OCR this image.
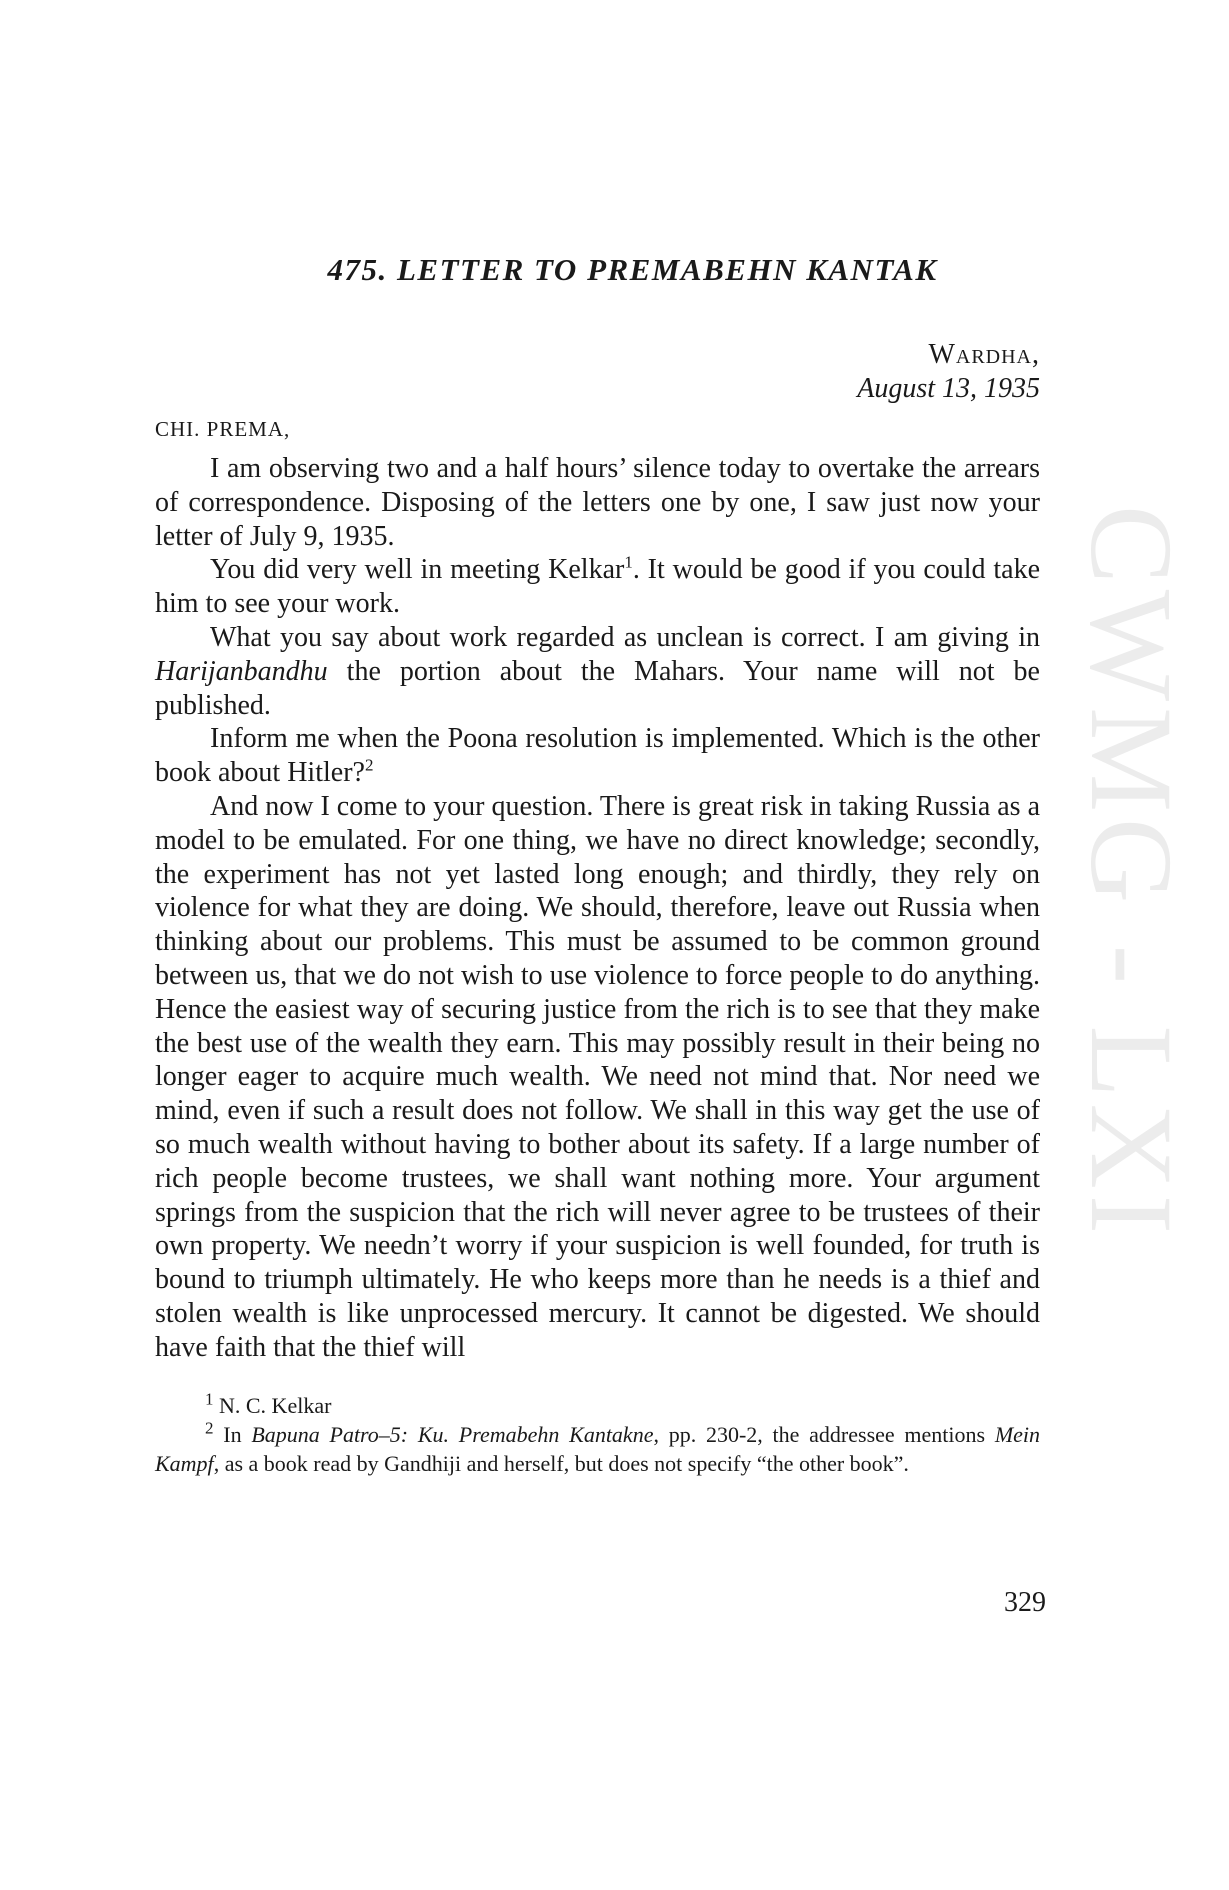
CWMG - LXI
475. LETTER TO PREMABEHN KANTAK
Wardha,
August 13, 1935
CHI. PREMA,

I am observing two and a half hours’ silence today to overtake the arrears of correspondence. Disposing of the letters one by one, I saw just now your letter of July 9, 1935.

You did very well in meeting Kelkar$^1$. It would be good if you could take him to see your work.

What you say about work regarded as unclean is correct. I am giving in Harijanbandhu the portion about the Mahars. Your name will not be published.

Inform me when the Poona resolution is implemented. Which is the other book about Hitler?$^2$

And now I come to your question. There is great risk in taking Russia as a model to be emulated. For one thing, we have no direct knowledge; secondly, the experiment has not yet lasted long enough; and thirdly, they rely on violence for what they are doing. We should, therefore, leave out Russia when thinking about our problems. This must be assumed to be common ground between us, that we do not wish to use violence to force people to do anything. Hence the easiest way of securing justice from the rich is to see that they make the best use of the wealth they earn. This may possibly result in their being no longer eager to acquire much wealth. We need not mind that. Nor need we mind, even if such a result does not follow. We shall in this way get the use of so much wealth without having to bother about its safety. If a large number of rich people become trustees, we shall want nothing more. Your argument springs from the suspicion that the rich will never agree to be trustees of their own property. We needn’t worry if your suspicion is well founded, for truth is bound to triumph ultimately. He who keeps more than he needs is a thief and stolen wealth is like unprocessed mercury. It cannot be digested. We should have faith that the thief will

$^1$ N. C. Kelkar

$^2$ In Bapuna Patro–5: Ku. Premabehn Kantakne, pp. 230-2, the addressee mentions Mein Kampf, as a book read by Gandhiji and herself, but does not specify “the other book”.

329
